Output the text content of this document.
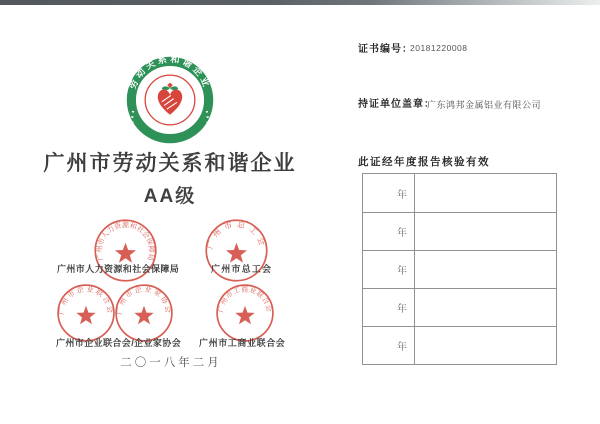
劳动关系和谐企业
广州市劳动关系和谐企业
AA级
广州市人力资源和社会保障局
广州市总工会
广州市企业联合会 广州市企业家协会	广州市工商业联合会
广州市人力资源和社会保障局	广州市总工会
广州市企业联合会/企业家协会 广州市工商业联合会
二〇一八年二月
证书编号：
20181220008
持证单位盖章：
广东鸿邦金属铝业有限公司
此证经年度报告核验有效
年
年
年
年
年
